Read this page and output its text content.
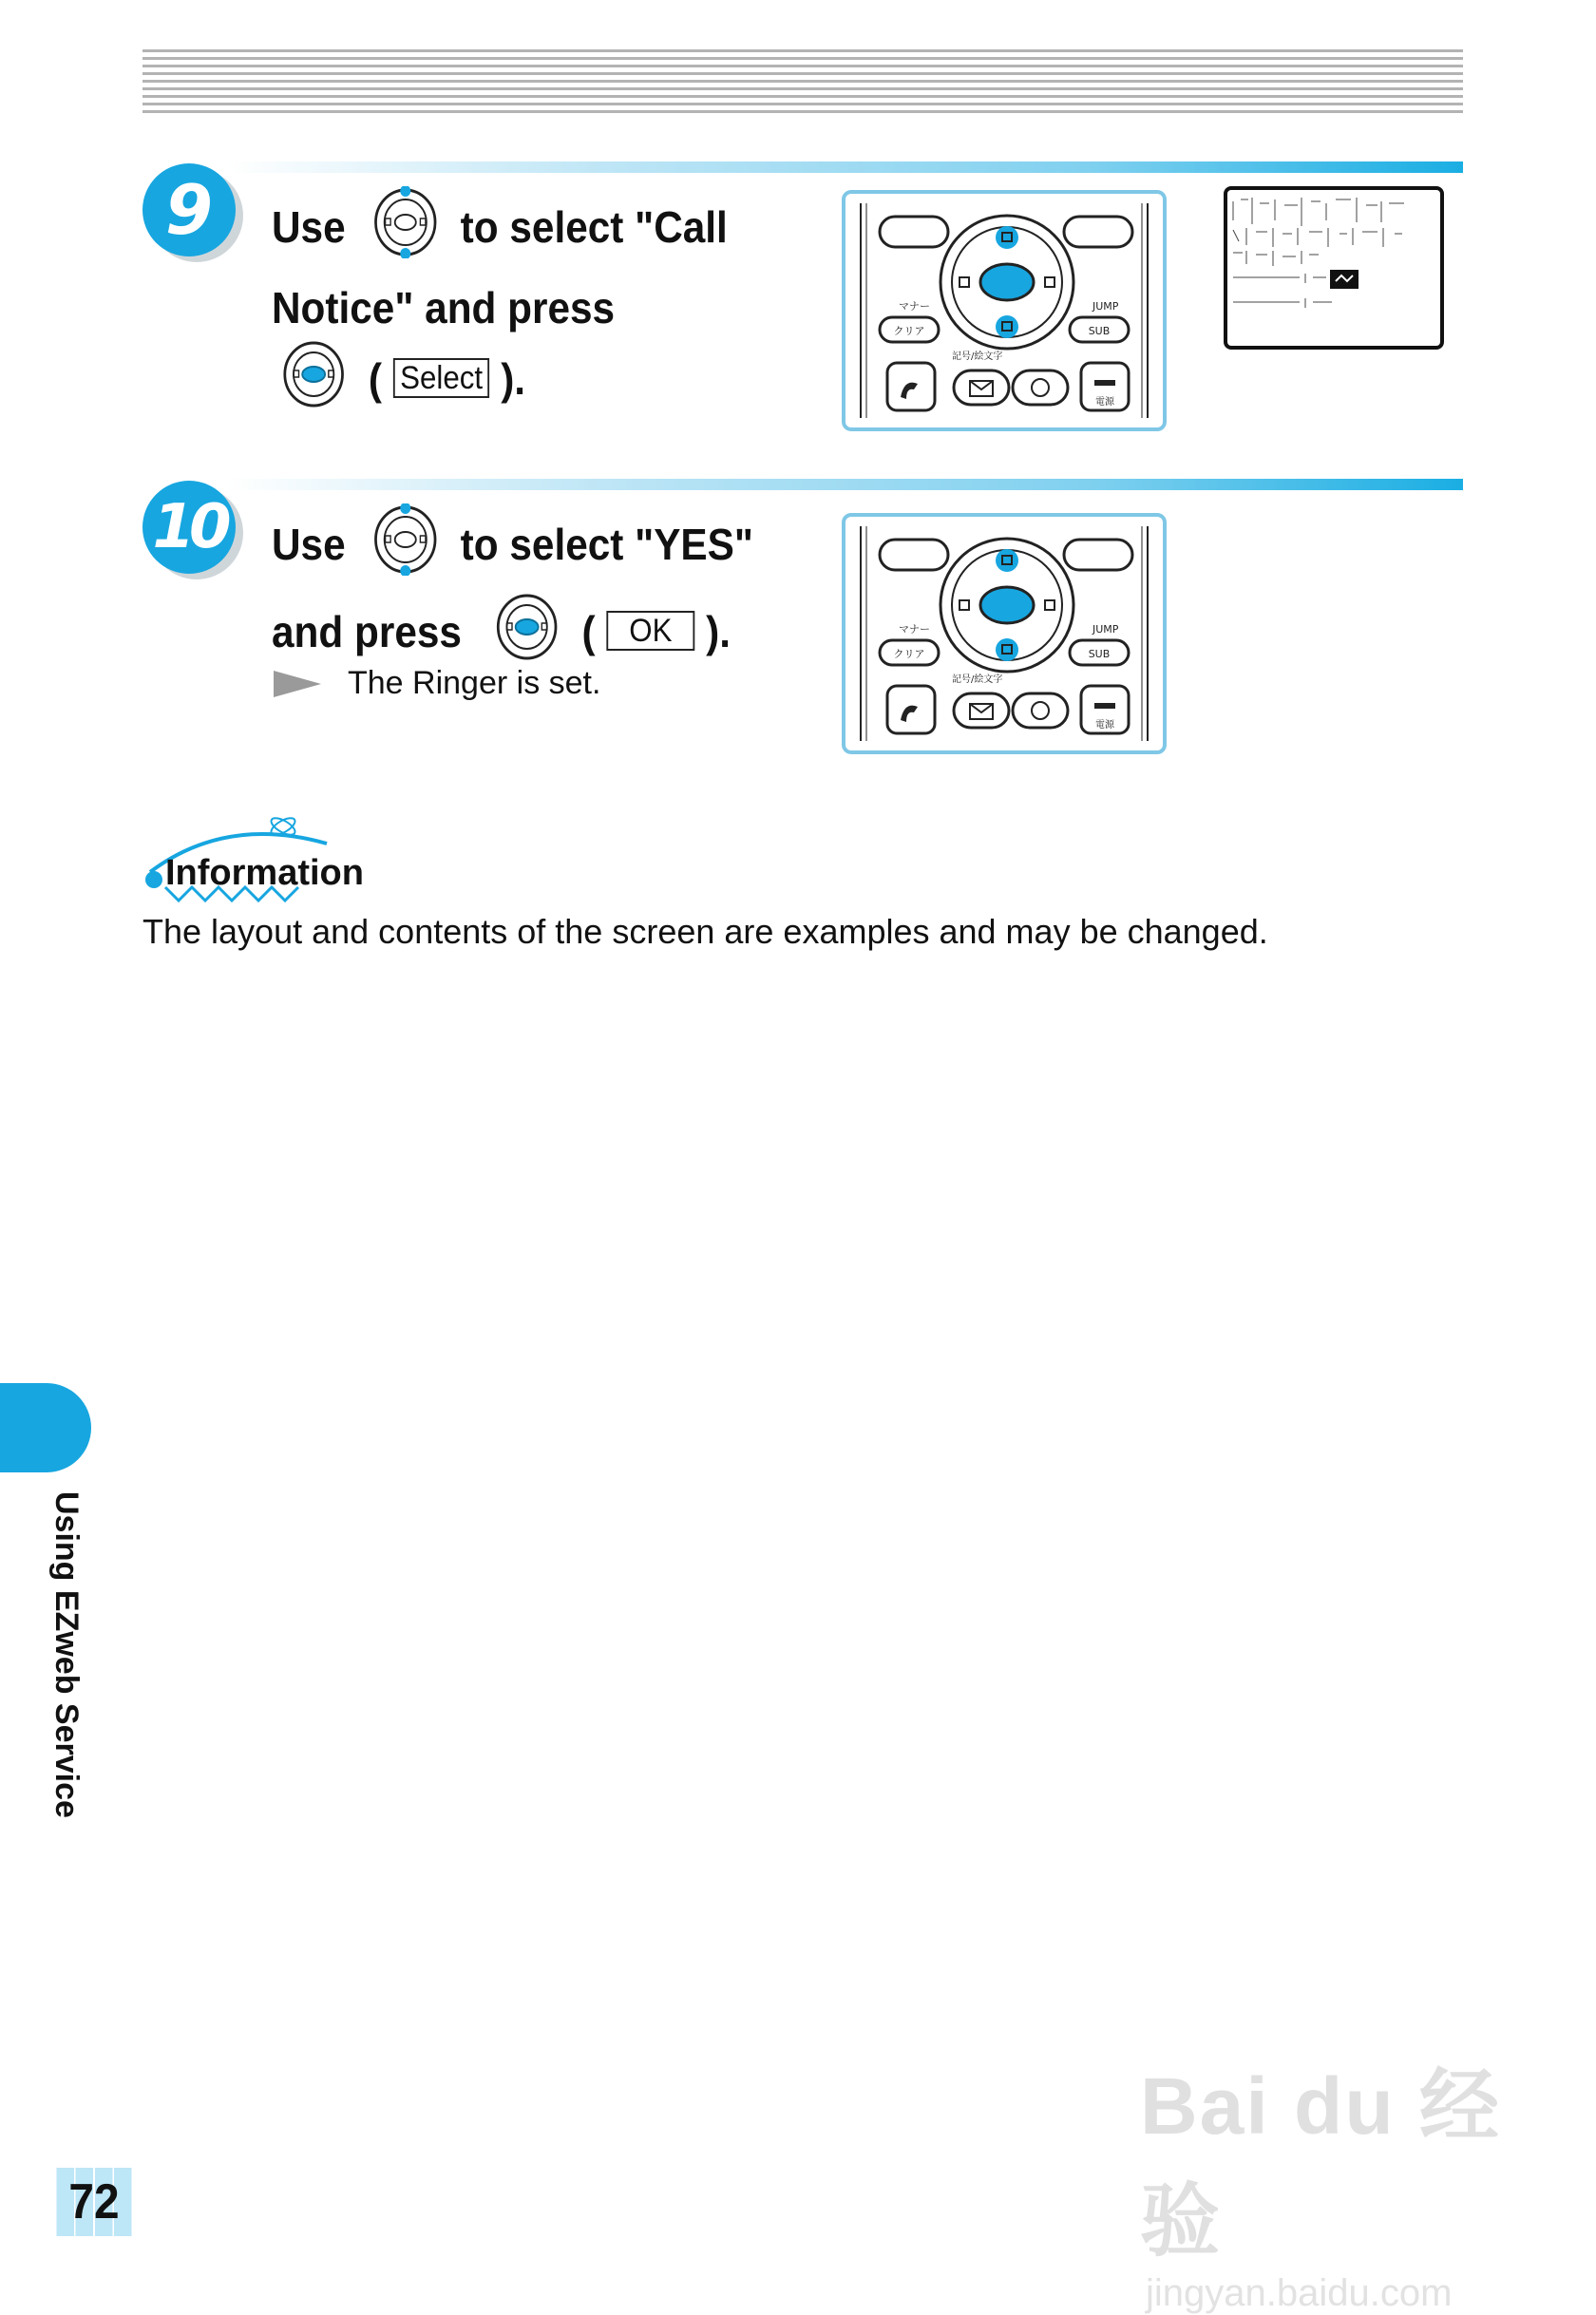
9	Use	to select "Call
Notice" and press
( Select ).
マナー	JUMP
クリア	SUB
記号/絵文字
電源
10 Use	to select "YES"
and press	( OK ).
The Ringer is set.
マナー	JUMP
クリア	SUB
記号/絵文字
電源
Information
The layout and contents of the screen are examples and may be changed.
Using EZweb Service
72
Bai du 经验
jingyan.baidu.com
